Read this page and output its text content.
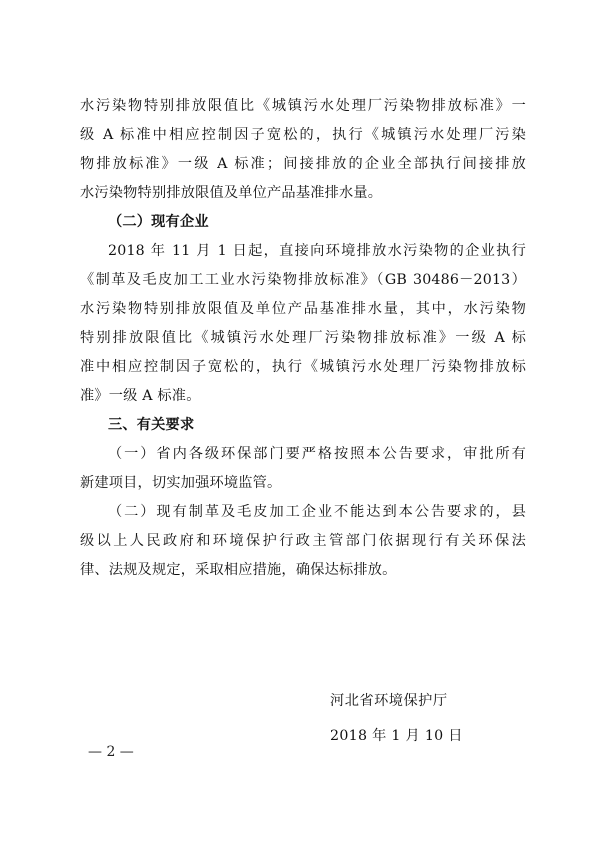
水污染物特别排放限值比《城镇污水处理厂污染物排放标准》一
级 A 标准中相应控制因子宽松的，执行《城镇污水处理厂污染
物排放标准》一级 A 标准；间接排放的企业全部执行间接排放
水污染物特别排放限值及单位产品基准排水量。
（二）现有企业
2018 年 11 月 1 日起，直接向环境排放水污染物的企业执行
《制革及毛皮加工工业水污染物排放标准》（GB 30486－2013）
水污染物特别排放限值及单位产品基准排水量，其中，水污染物
特别排放限值比《城镇污水处理厂污染物排放标准》一级 A 标
准中相应控制因子宽松的，执行《城镇污水处理厂污染物排放标
准》一级 A 标准。
三、有关要求
（一）省内各级环保部门要严格按照本公告要求，审批所有
新建项目，切实加强环境监管。
（二）现有制革及毛皮加工企业不能达到本公告要求的，县
级以上人民政府和环境保护行政主管部门依据现行有关环保法
律、法规及规定，采取相应措施，确保达标排放。
河北省环境保护厅
2018 年 1 月 10 日
— 2 —
